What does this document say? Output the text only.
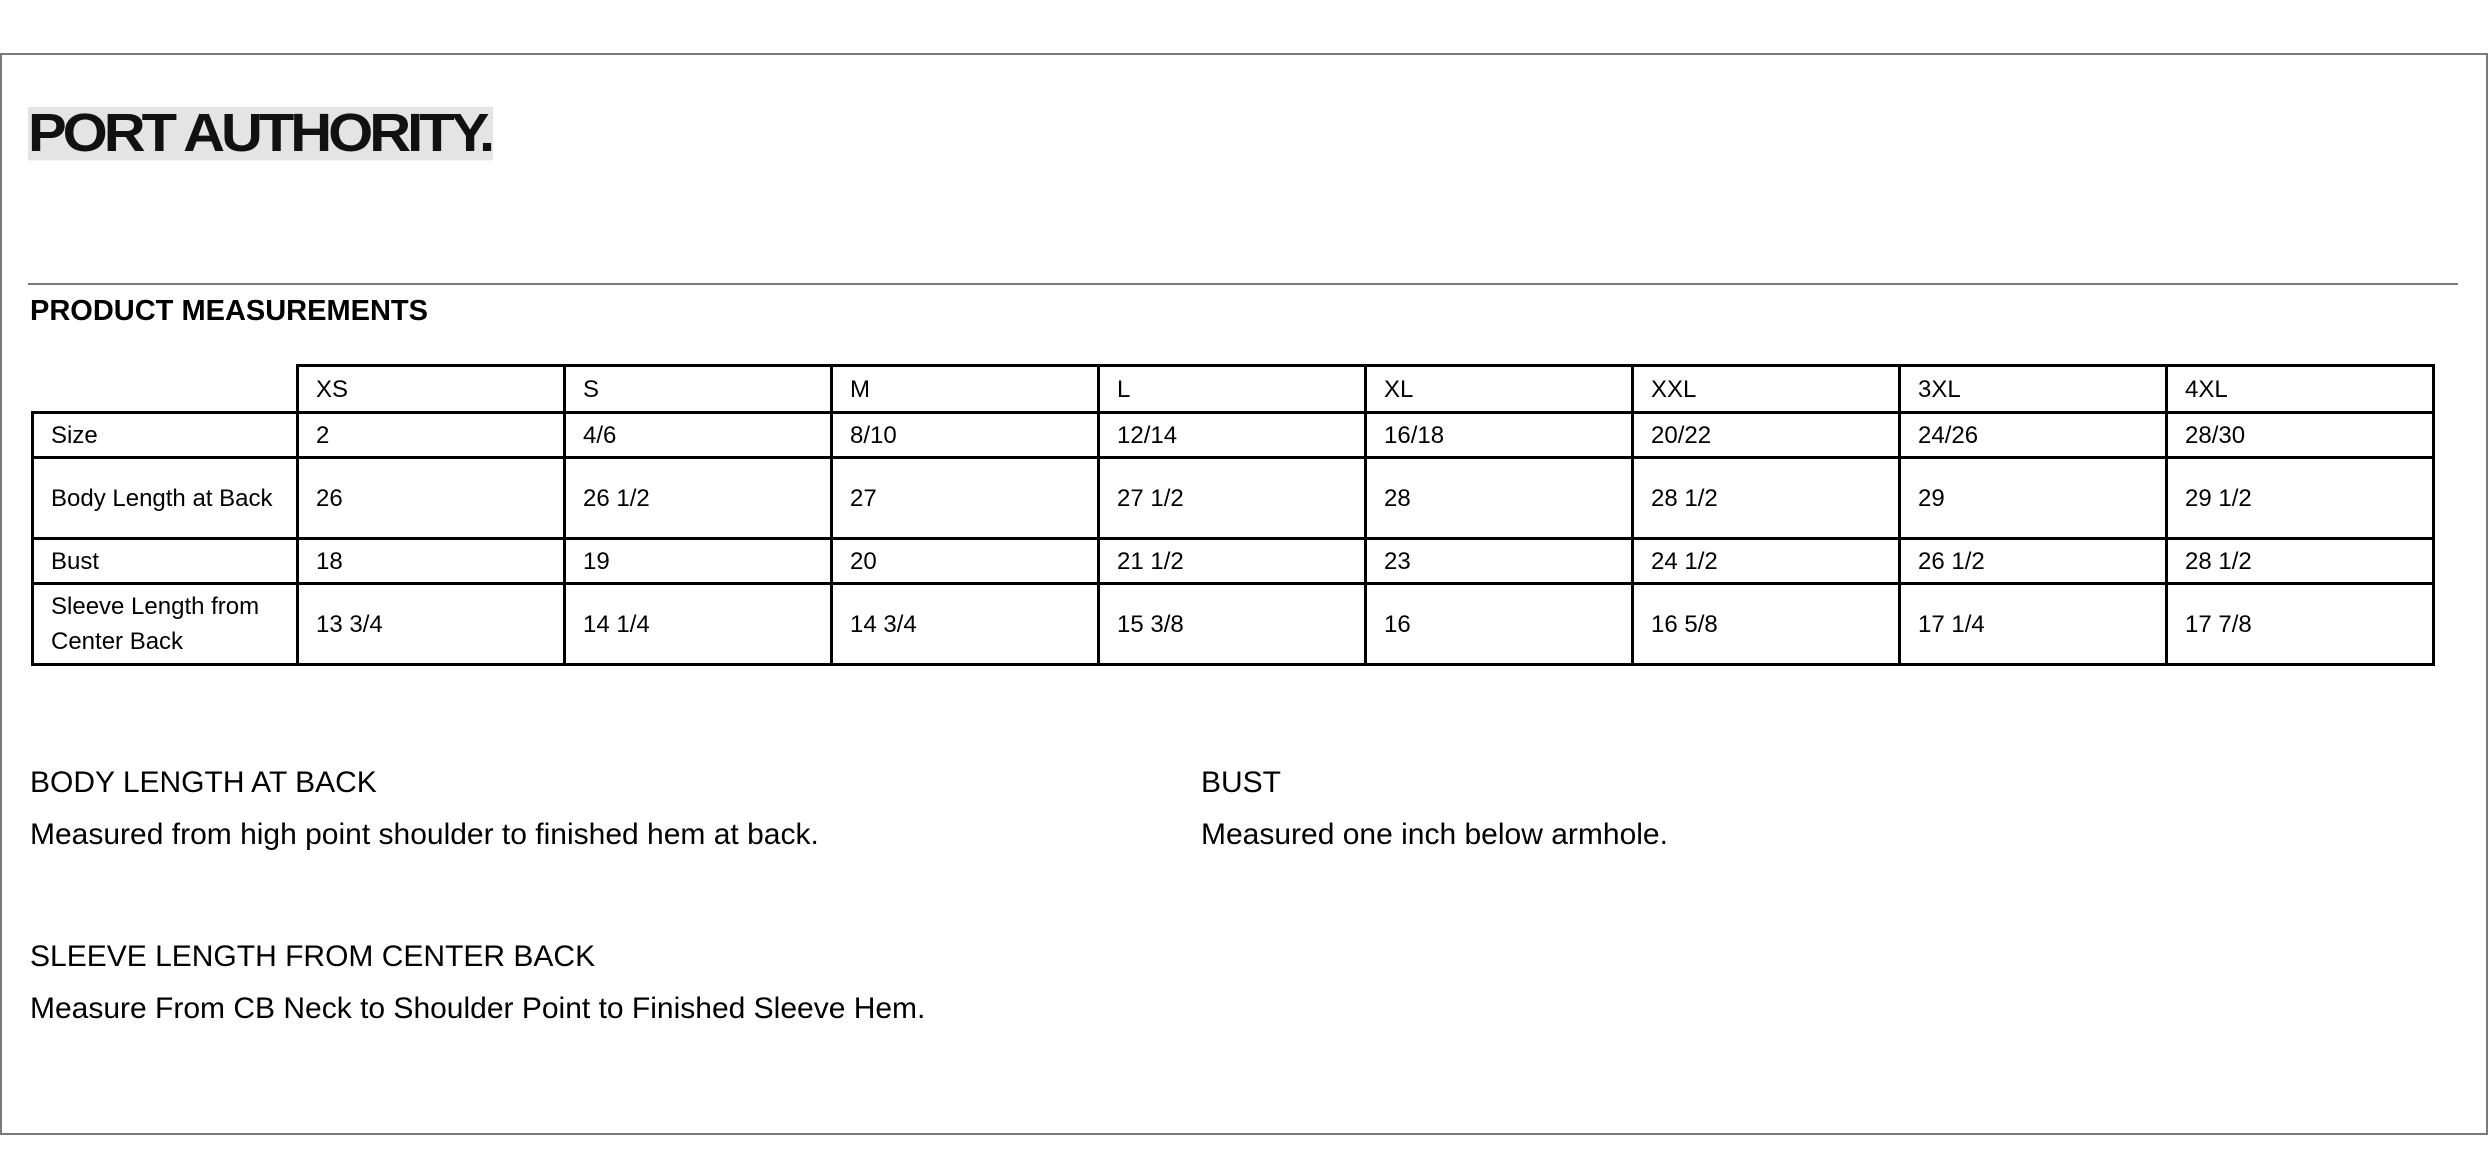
PORT AUTHORITY.
PRODUCT MEASUREMENTS
	XS	S	M	L	XL	XXL	3XL	4XL
Size	2	4/6	8/10	12/14	16/18	20/22	24/26	28/30
Body Length at Back	26	26 1/2	27	27 1/2	28	28 1/2	29	29 1/2
Bust	18	19	20	21 1/2	23	24 1/2	26 1/2	28 1/2
Sleeve Length from Center Back	13 3/4	14 1/4	14 3/4	15 3/8	16	16 5/8	17 1/4	17 7/8
BODY LENGTH AT BACK
Measured from high point shoulder to finished hem at back.
BUST
Measured one inch below armhole.
SLEEVE LENGTH FROM CENTER BACK
Measure From CB Neck to Shoulder Point to Finished Sleeve Hem.
